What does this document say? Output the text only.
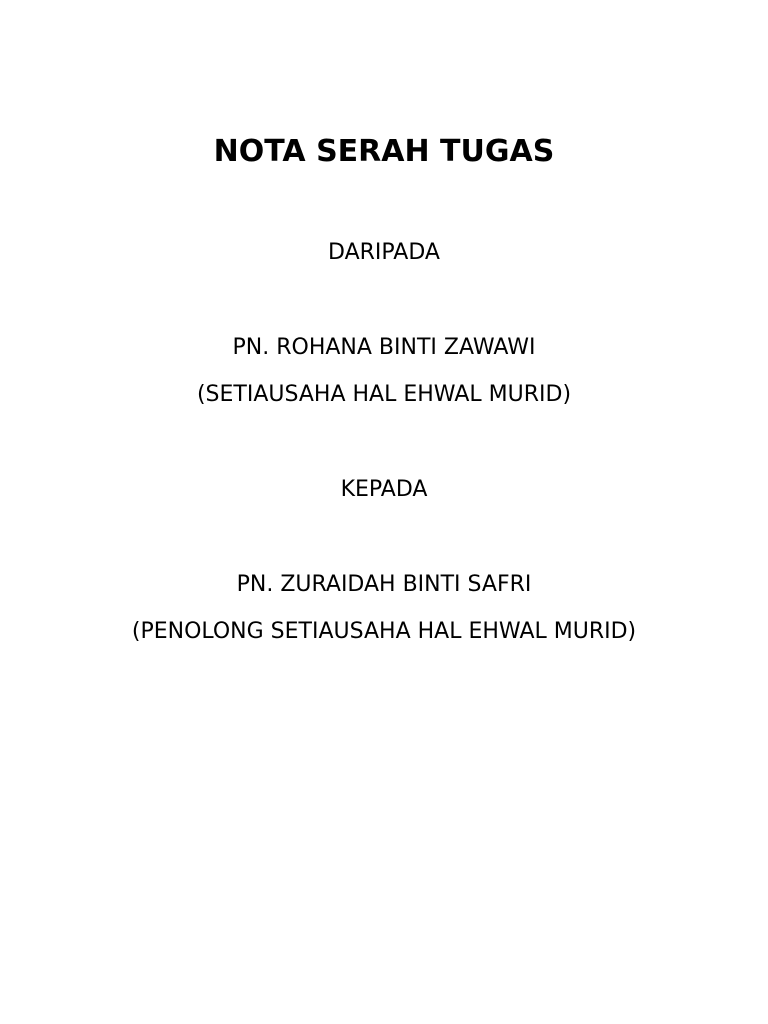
NOTA SERAH TUGAS
DARIPADA
PN. ROHANA BINTI ZAWAWI
(SETIAUSAHA HAL EHWAL MURID)
KEPADA
PN. ZURAIDAH BINTI SAFRI
(PENOLONG SETIAUSAHA HAL EHWAL MURID)
